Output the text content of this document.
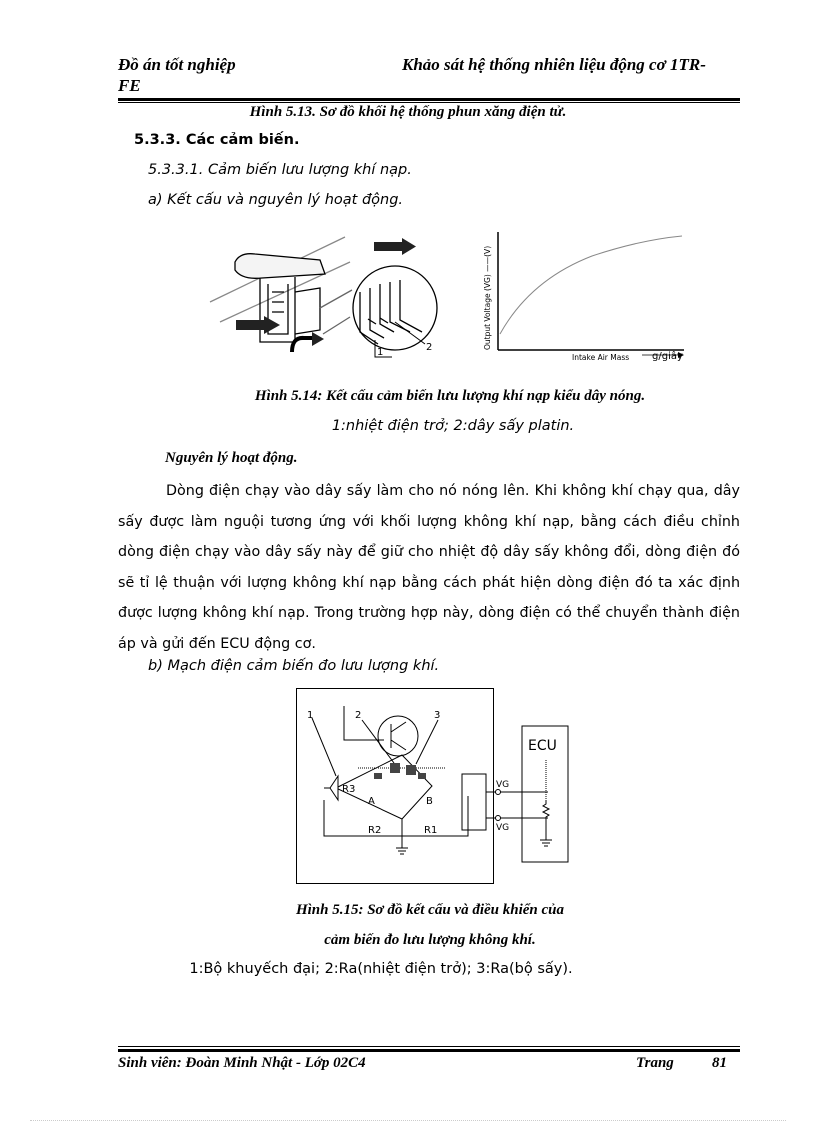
Đồ án tốt nghiệp
FE
Khảo sát hệ thống nhiên liệu động cơ 1TR-
Hình 5.13. Sơ đồ khối hệ thống phun xăng điện tử.
5.3.3. Các cảm biến.
5.3.3.1. Cảm biến lưu lượng khí nạp.
a) Kết cấu và nguyên lý hoạt động.
1	2	Output Voltage (VG) ——(V)
Intake Air Mass g/giây
Hình 5.14: Kết cấu cảm biến lưu lượng khí nạp kiểu dây nóng.
1:nhiệt điện trở; 2:dây sấy platin.
Nguyên lý hoạt động.

Dòng điện chạy vào dây sấy làm cho nó nóng lên. Khi không khí chạy qua, dây sấy được làm nguội tương ứng với khối lượng không khí nạp, bằng cách điều chỉnh dòng điện chạy vào dây sấy này để giữ cho nhiệt độ dây sấy không đổi, dòng điện đó sẽ tỉ lệ thuận với lượng không khí nạp bằng cách phát hiện dòng điện đó ta xác định được lượng không khí nạp. Trong trường hợp này, dòng điện có thể chuyển thành điện áp và gửi đến ECU động cơ.

b) Mạch điện cảm biến đo lưu lượng khí.
1	2	3
R3
A	B
R2	R1
VG
VG
ECU
Hình 5.15: Sơ đồ kết cấu và điều khiển của
cảm biến đo lưu lượng không khí.
1:Bộ khuyếch đại; 2:Ra(nhiệt điện trở); 3:Ra(bộ sấy).
Sinh viên: Đoàn Minh Nhật - Lớp 02C4	Trang	81
